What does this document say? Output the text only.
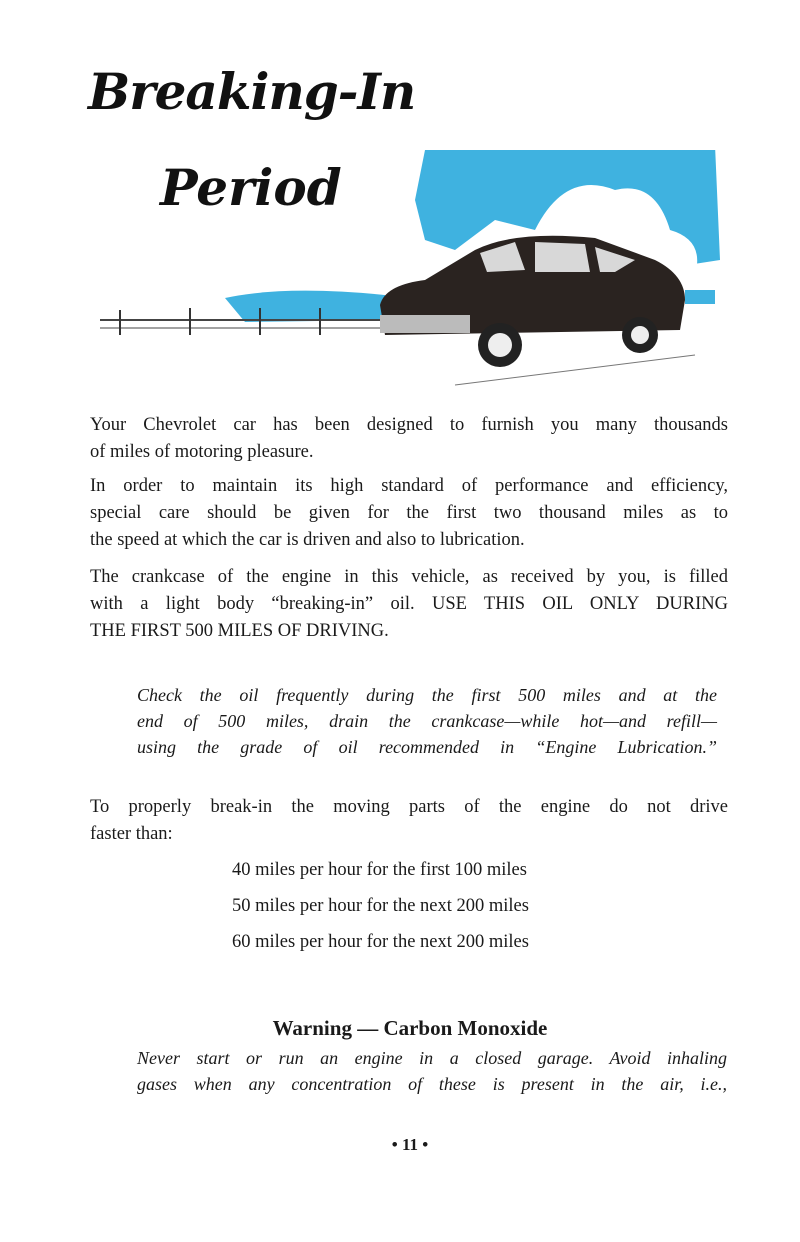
Breaking-In
Period
Your Chevrolet car has been designed to furnish you many thousands
of miles of motoring pleasure.
In order to maintain its high standard of performance and efficiency,
special care should be given for the first two thousand miles as to
the speed at which the car is driven and also to lubrication.
The crankcase of the engine in this vehicle, as received by you, is filled
with a light body “breaking-in” oil. USE THIS OIL ONLY DURING
THE FIRST 500 MILES OF DRIVING.
Check the oil frequently during the first 500 miles and at the
end of 500 miles, drain the crankcase—while hot—and refill—
using the grade of oil recommended in “Engine Lubrication.”
To properly break-in the moving parts of the engine do not drive
faster than:
40 miles per hour for the first 100 miles
50 miles per hour for the next 200 miles
60 miles per hour for the next 200 miles
Warning — Carbon Monoxide
Never start or run an engine in a closed garage. Avoid inhaling
gases when any concentration of these is present in the air, i.e.,
• 11 •
